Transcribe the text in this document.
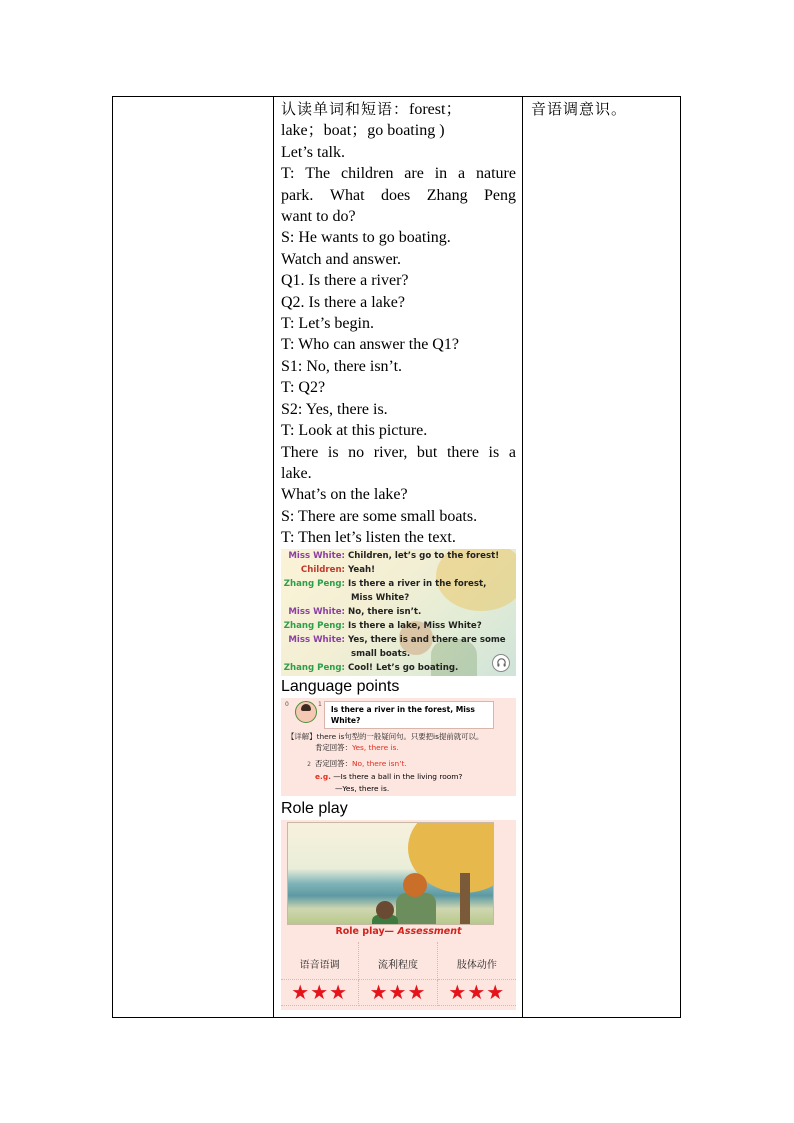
认读单词和短语：forest；
lake；boat；go boating )
Let’s talk.
T: The children are in a nature
park. What does Zhang Peng
want to do?
S: He wants to go boating.
Watch and answer.
Q1. Is there a river?
Q2. Is there a lake?
T: Let’s begin.
T: Who can answer the Q1?
S1: No, there isn’t.
T: Q2?
S2: Yes, there is.
T: Look at this picture.
There is no river, but there is a
lake.
What’s on the lake?
S: There are some small boats.
T: Then let’s listen the text.
Miss White: Children, let’s go to the forest!
Children: Yeah!
Zhang Peng: Is there a river in the forest,
Miss White?
Miss White: No, there isn’t.
Zhang Peng: Is there a lake, Miss White?
Miss White: Yes, there is and there are some
small boats.
Zhang Peng: Cool! Let’s go boating.
Language points
0	1
Is there a river in the forest, Miss
White?
【详解】there is句型的一般疑问句。只要把is提前就可以。
肯定回答：Yes, there is.
2 否定回答：No, there isn’t.
e.g. —Is there a ball in the living room?
—Yes, there is.
Role play
Role play— Assessment
语音语调	流利程度	肢体动作
★★★	★★★	★★★
音语调意识。
